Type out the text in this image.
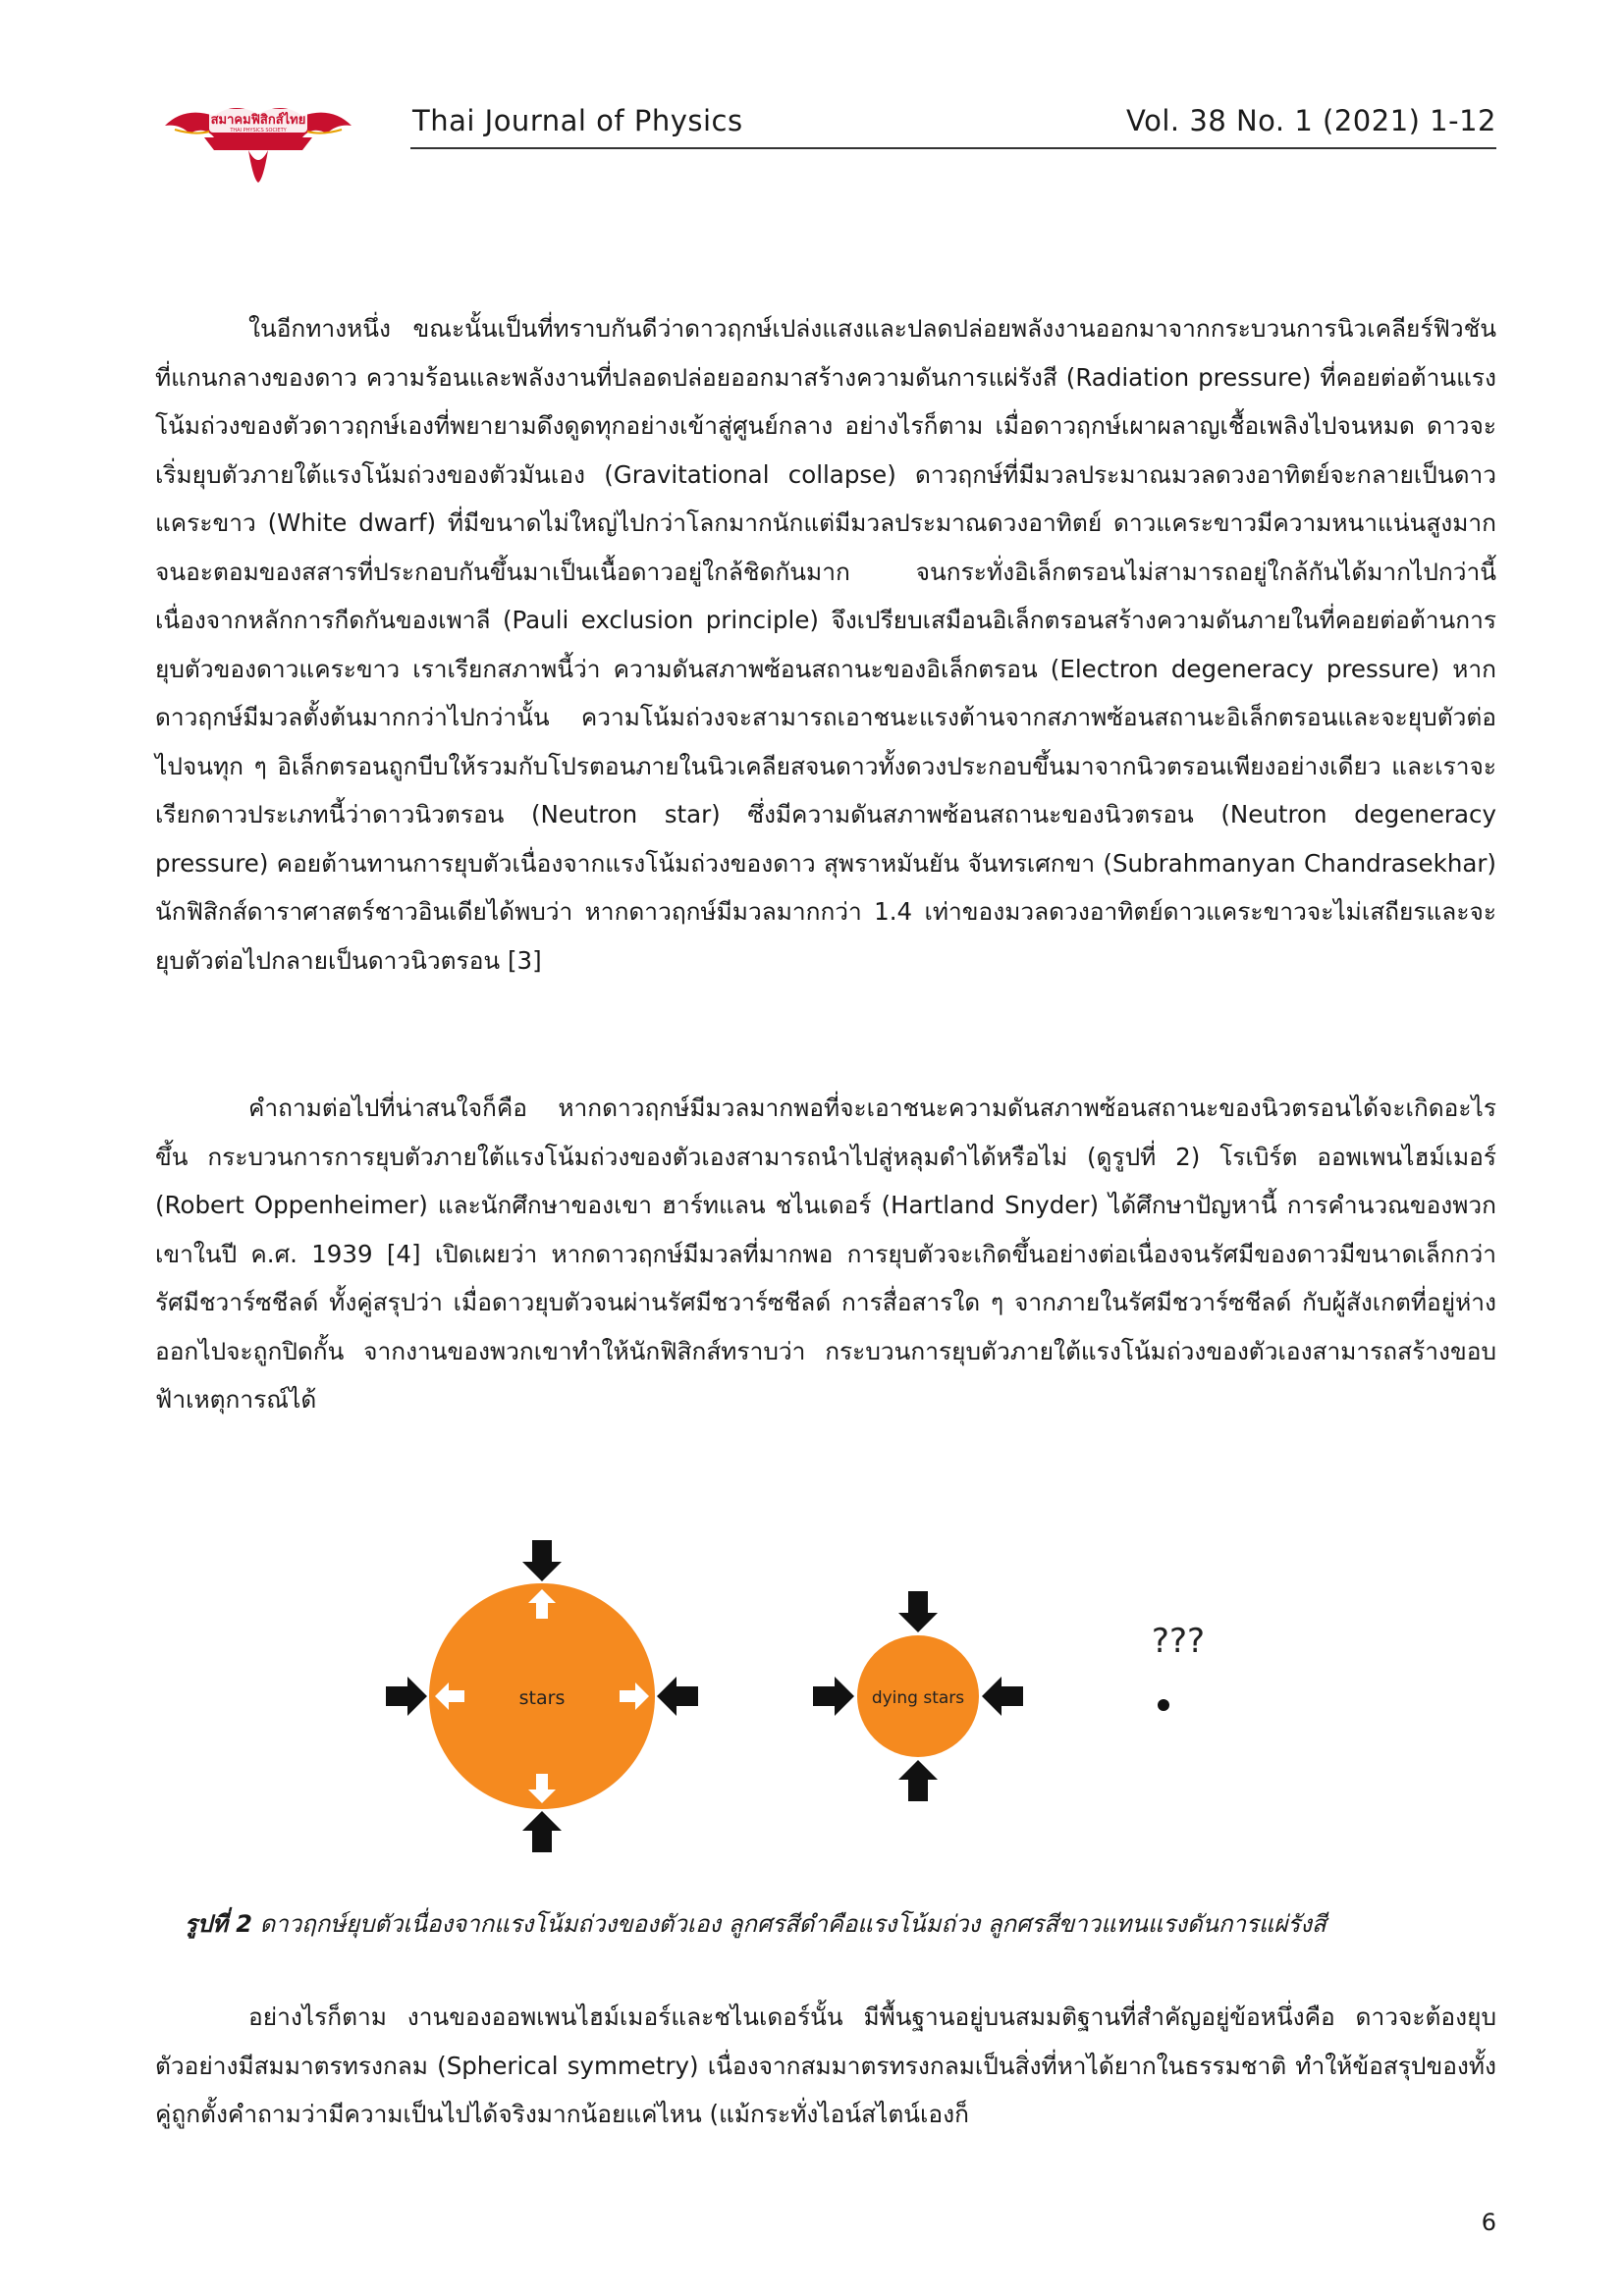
สมาคมฟิสิกส์ไทย
THAI PHYSICS SOCIETY	Thai Journal of Physics	Vol. 38 No. 1 (2021) 1-12

ในอีกทางหนึ่ง ขณะนั้นเป็นที่ทราบกันดีว่าดาวฤกษ์เปล่งแสงและปลดปล่อยพลังงานออกมาจากกระบวนการนิวเคลียร์ฟิวชันที่แกนกลางของดาว ความร้อนและพลังงานที่ปลอดปล่อยออกมาสร้างความดันการแผ่รังสี (Radiation pressure) ที่คอยต่อต้านแรงโน้มถ่วงของตัวดาวฤกษ์เองที่พยายามดึงดูดทุกอย่างเข้าสู่ศูนย์กลาง อย่างไรก็ตาม เมื่อดาวฤกษ์เผาผลาญเชื้อเพลิงไปจนหมด ดาวจะเริ่มยุบตัวภายใต้แรงโน้มถ่วงของตัวมันเอง (Gravitational collapse) ดาวฤกษ์ที่มีมวลประมาณมวลดวงอาทิตย์จะกลายเป็นดาวแคระขาว (White dwarf) ที่มีขนาดไม่ใหญ่ไปกว่าโลกมากนักแต่มีมวลประมาณดวงอาทิตย์ ดาวแคระขาวมีความหนาแน่นสูงมากจนอะตอมของสสารที่ประกอบกันขึ้นมาเป็นเนื้อดาวอยู่ใกล้ชิดกันมาก จนกระทั่งอิเล็กตรอนไม่สามารถอยู่ใกล้กันได้มากไปกว่านี้ เนื่องจากหลักการกีดกันของเพาลี (Pauli exclusion principle) จึงเปรียบเสมือนอิเล็กตรอนสร้างความดันภายในที่คอยต่อต้านการยุบตัวของดาวแคระขาว เราเรียกสภาพนี้ว่า ความดันสภาพซ้อนสถานะของอิเล็กตรอน (Electron degeneracy pressure) หากดาวฤกษ์มีมวลตั้งต้นมากกว่าไปกว่านั้น ความโน้มถ่วงจะสามารถเอาชนะแรงต้านจากสภาพซ้อนสถานะอิเล็กตรอนและจะยุบตัวต่อไปจนทุก ๆ อิเล็กตรอนถูกบีบให้รวมกับโปรตอนภายในนิวเคลียสจนดาวทั้งดวงประกอบขึ้นมาจากนิวตรอนเพียงอย่างเดียว และเราจะเรียกดาวประเภทนี้ว่าดาวนิวตรอน (Neutron star) ซึ่งมีความดันสภาพซ้อนสถานะของนิวตรอน (Neutron degeneracy pressure) คอยต้านทานการยุบตัวเนื่องจากแรงโน้มถ่วงของดาว สุพราหมันยัน จันทรเศกขา (Subrahmanyan Chandrasekhar) นักฟิสิกส์ดาราศาสตร์ชาวอินเดียได้พบว่า หากดาวฤกษ์มีมวลมากกว่า 1.4 เท่าของมวลดวงอาทิตย์ดาวแคระขาวจะไม่เสถียรและจะยุบตัวต่อไปกลายเป็นดาวนิวตรอน [3]

คำถามต่อไปที่น่าสนใจก็คือ หากดาวฤกษ์มีมวลมากพอที่จะเอาชนะความดันสภาพซ้อนสถานะของนิวตรอนได้จะเกิดอะไรขึ้น กระบวนการการยุบตัวภายใต้แรงโน้มถ่วงของตัวเองสามารถนำไปสู่หลุมดำได้หรือไม่ (ดูรูปที่ 2) โรเบิร์ต ออพเพนไฮม์เมอร์ (Robert Oppenheimer) และนักศึกษาของเขา ฮาร์ทแลน ชไนเดอร์ (Hartland Snyder) ได้ศึกษาปัญหานี้ การคำนวณของพวกเขาในปี ค.ศ. 1939 [4] เปิดเผยว่า หากดาวฤกษ์มีมวลที่มากพอ การยุบตัวจะเกิดขึ้นอย่างต่อเนื่องจนรัศมีของดาวมีขนาดเล็กกว่ารัศมีชวาร์ซชีลด์ ทั้งคู่สรุปว่า เมื่อดาวยุบตัวจนผ่านรัศมีชวาร์ซชีลด์ การสื่อสารใด ๆ จากภายในรัศมีชวาร์ซชีลด์ กับผู้สังเกตที่อยู่ห่างออกไปจะถูกปิดกั้น จากงานของพวกเขาทำให้นักฟิสิกส์ทราบว่า กระบวนการยุบตัวภายใต้แรงโน้มถ่วงของตัวเองสามารถสร้างขอบฟ้าเหตุการณ์ได้

stars	dying stars
???
รูปที่ 2 ดาวฤกษ์ยุบตัวเนื่องจากแรงโน้มถ่วงของตัวเอง ลูกศรสีดำคือแรงโน้มถ่วง ลูกศรสีขาวแทนแรงดันการแผ่รังสี

อย่างไรก็ตาม งานของออพเพนไฮม์เมอร์และชไนเดอร์นั้น มีพื้นฐานอยู่บนสมมติฐานที่สำคัญอยู่ข้อหนึ่งคือ ดาวจะต้องยุบตัวอย่างมีสมมาตรทรงกลม (Spherical symmetry) เนื่องจากสมมาตรทรงกลมเป็นสิ่งที่หาได้ยากในธรรมชาติ ทำให้ข้อสรุปของทั้งคู่ถูกตั้งคำถามว่ามีความเป็นไปได้จริงมากน้อยแค่ไหน (แม้กระทั่งไอน์สไตน์เองก็

6
